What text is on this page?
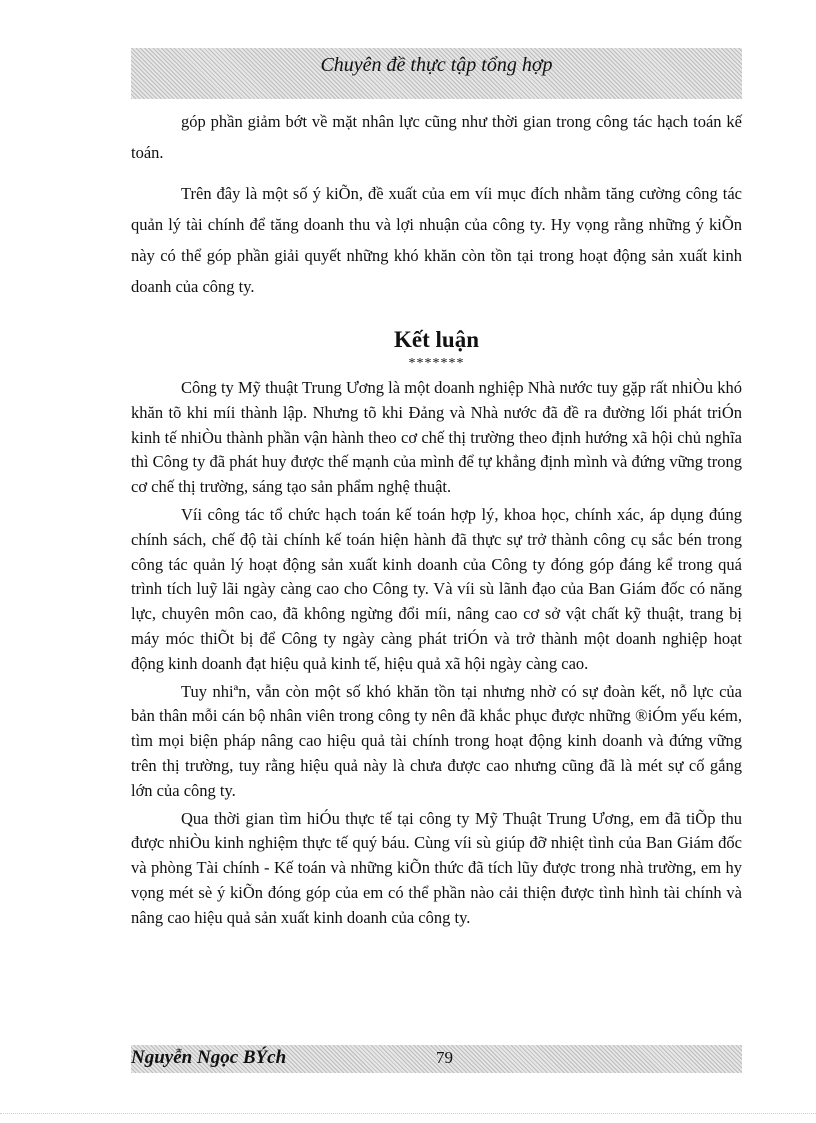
Chuyên đề thực tập tổng hợp

góp phần giảm bớt về mặt nhân lực cũng như thời gian trong công tác hạch toán kế toán.

Trên đây là một số ý kiÕn, đề xuất của em víi mục đích nhằm tăng cường công tác quản lý tài chính để tăng doanh thu và lợi nhuận của công ty. Hy vọng rằng những ý kiÕn này có thể góp phần giải quyết những khó khăn còn tồn tại trong hoạt động sản xuất kinh doanh của công ty.

Kết luận
*******

Công ty Mỹ thuật Trung Ương là một doanh nghiệp Nhà nước tuy gặp rất nhiÒu khó khăn tõ khi míi thành lập. Nhưng tõ khi Đảng và Nhà nước đã đề ra đường lối phát triÓn kinh tế nhiÒu thành phần vận hành theo cơ chế thị trường theo định hướng xã hội chủ nghĩa thì Công ty đã phát huy được thế mạnh của mình để tự khẳng định mình và đứng vững trong cơ chế thị trường, sáng tạo sản phẩm nghệ thuật.

Víi công tác tổ chức hạch toán kế toán hợp lý, khoa học, chính xác, áp dụng đúng chính sách, chế độ tài chính kế toán hiện hành đã thực sự trở thành công cụ sắc bén trong công tác quản lý hoạt động sản xuất kinh doanh của Công ty đóng góp đáng kể trong quá trình tích luỹ lãi ngày càng cao cho Công ty. Và víi sù lãnh đạo của Ban Giám đốc có năng lực, chuyên môn cao, đã không ngừng đổi míi, nâng cao cơ sở vật chất kỹ thuật, trang bị máy móc thiÕt bị để Công ty ngày càng phát triÓn và trở thành một doanh nghiệp hoạt động kinh doanh đạt hiệu quả kinh tế, hiệu quả xã hội ngày càng cao.

Tuy nhiªn, vẫn còn một số khó khăn tồn tại nhưng nhờ có sự đoàn kết, nỗ lực của bản thân mỗi cán bộ nhân viên trong công ty nên đã khắc phục được những ®iÓm yếu kém, tìm mọi biện pháp nâng cao hiệu quả tài chính trong hoạt động kinh doanh và đứng vững trên thị trường, tuy rằng hiệu quả này là chưa được cao nhưng cũng đã là mét sự cố gắng lớn của công ty.

Qua thời gian tìm hiÓu thực tế tại công ty Mỹ Thuật Trung Ương, em đã tiÕp thu được nhiÒu kinh nghiệm thực tế quý báu. Cùng víi sù giúp đỡ nhiệt tình của Ban Giám đốc và phòng Tài chính - Kế toán và những kiÕn thức đã tích lũy được trong nhà trường, em hy vọng mét sè ý kiÕn đóng góp của em có thể phần nào cải thiện được tình hình tài chính và nâng cao hiệu quả sản xuất kinh doanh của công ty.

Nguyễn Ngọc BÝch	79
